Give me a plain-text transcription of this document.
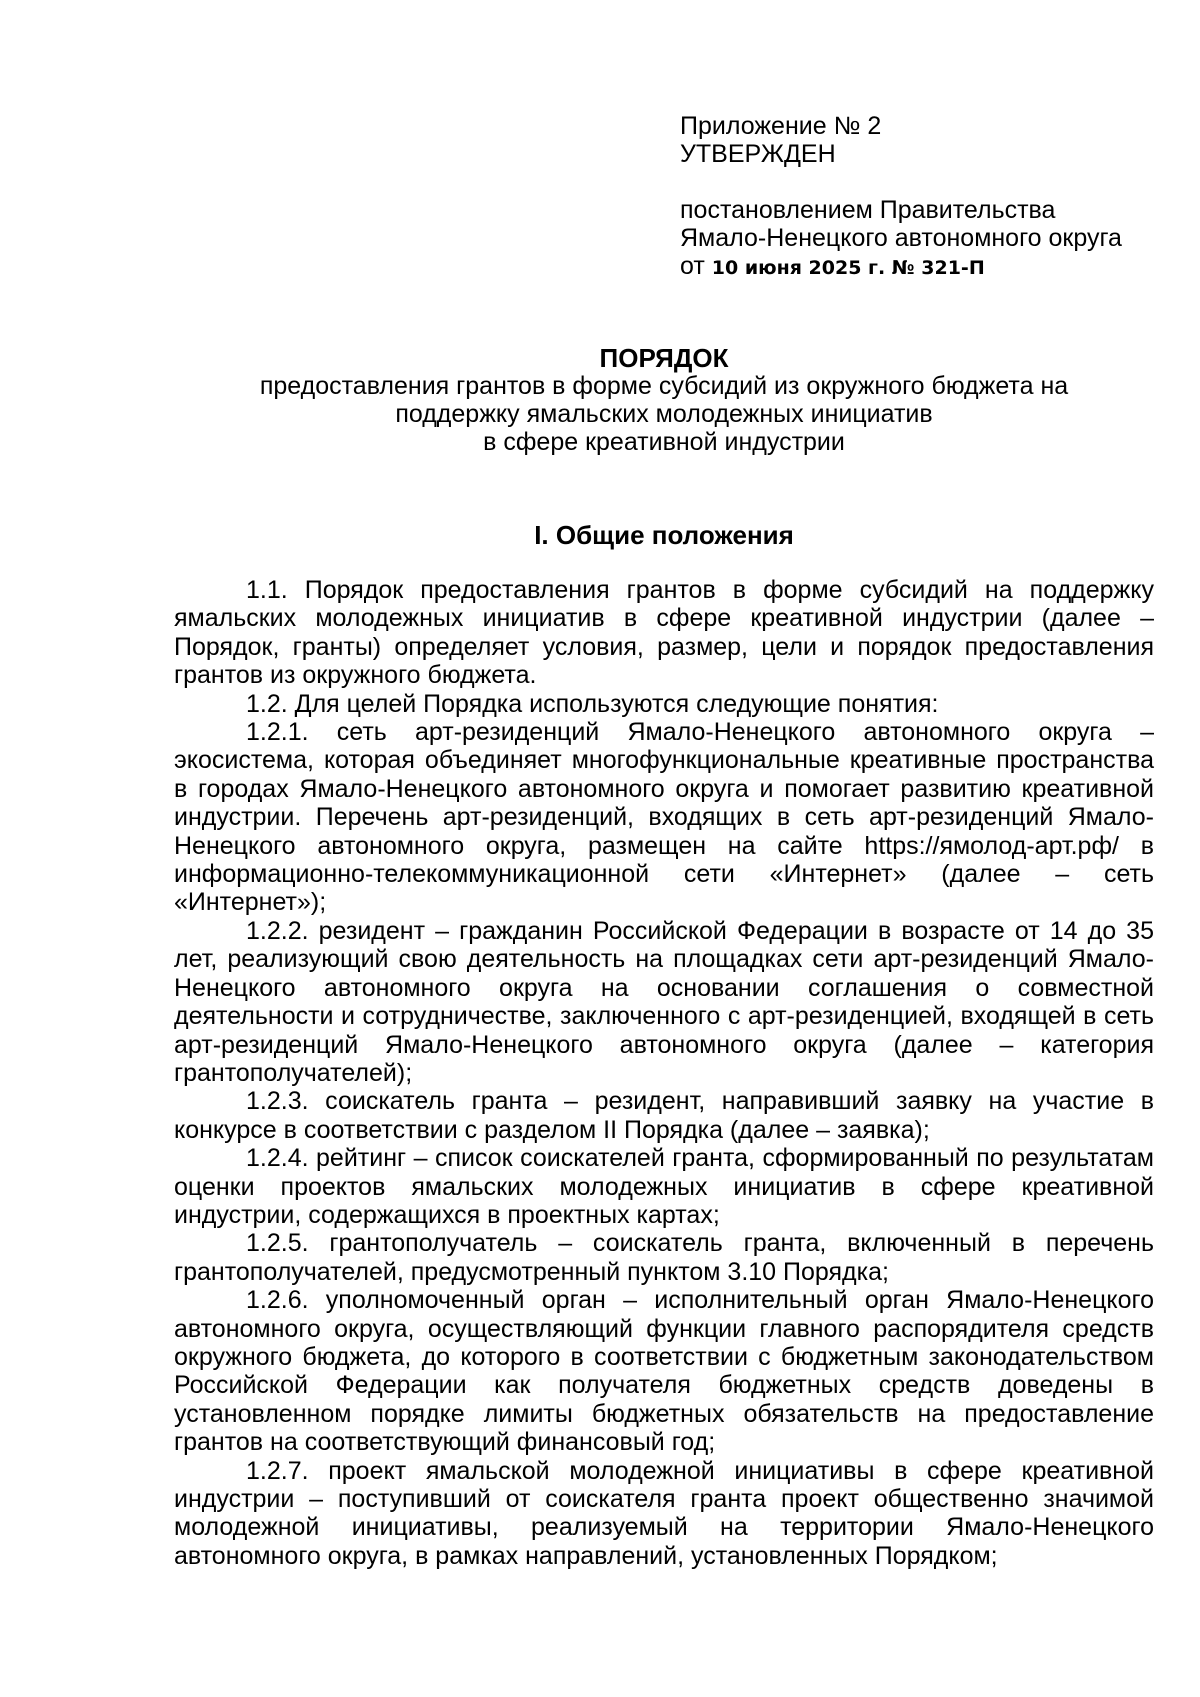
Приложение № 2
УТВЕРЖДЕН
постановлением Правительства
Ямало-Ненецкого автономного округа
от 10 июня 2025 г. № 321-П
ПОРЯДОК
предоставления грантов в форме субсидий из окружного бюджета на
поддержку ямальских молодежных инициатив
в сфере креативной индустрии
I. Общие положения

1.1. Порядок предоставления грантов в форме субсидий на поддержку ямальских молодежных инициатив в сфере креативной индустрии (далее – Порядок, гранты) определяет условия, размер, цели и порядок предоставления грантов из окружного бюджета.

1.2. Для целей Порядка используются следующие понятия:

1.2.1. сеть арт-резиденций Ямало-Ненецкого автономного округа – экосистема, которая объединяет многофункциональные креативные пространства в городах Ямало-Ненецкого автономного округа и помогает развитию креативной индустрии. Перечень арт-резиденций, входящих в сеть арт-резиденций Ямало-Ненецкого автономного округа, размещен на сайте https://ямолод-арт.рф/ в информационно-телекоммуникационной сети «Интернет» (далее – сеть «Интернет»);

1.2.2. резидент – гражданин Российской Федерации в возрасте от 14 до 35 лет, реализующий свою деятельность на площадках сети арт-резиденций Ямало-Ненецкого автономного округа на основании соглашения о совместной деятельности и сотрудничестве, заключенного с арт-резиденцией, входящей в сеть арт-резиденций Ямало-Ненецкого автономного округа (далее – категория грантополучателей);

1.2.3. соискатель гранта – резидент, направивший заявку на участие в конкурсе в соответствии с разделом II Порядка (далее – заявка);

1.2.4. рейтинг – список соискателей гранта, сформированный по результатам оценки проектов ямальских молодежных инициатив в сфере креативной индустрии, содержащихся в проектных картах;

1.2.5. грантополучатель – соискатель гранта, включенный в перечень грантополучателей, предусмотренный пунктом 3.10 Порядка;

1.2.6. уполномоченный орган – исполнительный орган Ямало-Ненецкого автономного округа, осуществляющий функции главного распорядителя средств окружного бюджета, до которого в соответствии с бюджетным законодательством Российской Федерации как получателя бюджетных средств доведены в установленном порядке лимиты бюджетных обязательств на предоставление грантов на соответствующий финансовый год;

1.2.7. проект ямальской молодежной инициативы в сфере креативной индустрии – поступивший от соискателя гранта проект общественно значимой молодежной инициативы, реализуемый на территории Ямало-Ненецкого автономного округа, в рамках направлений, установленных Порядком;
